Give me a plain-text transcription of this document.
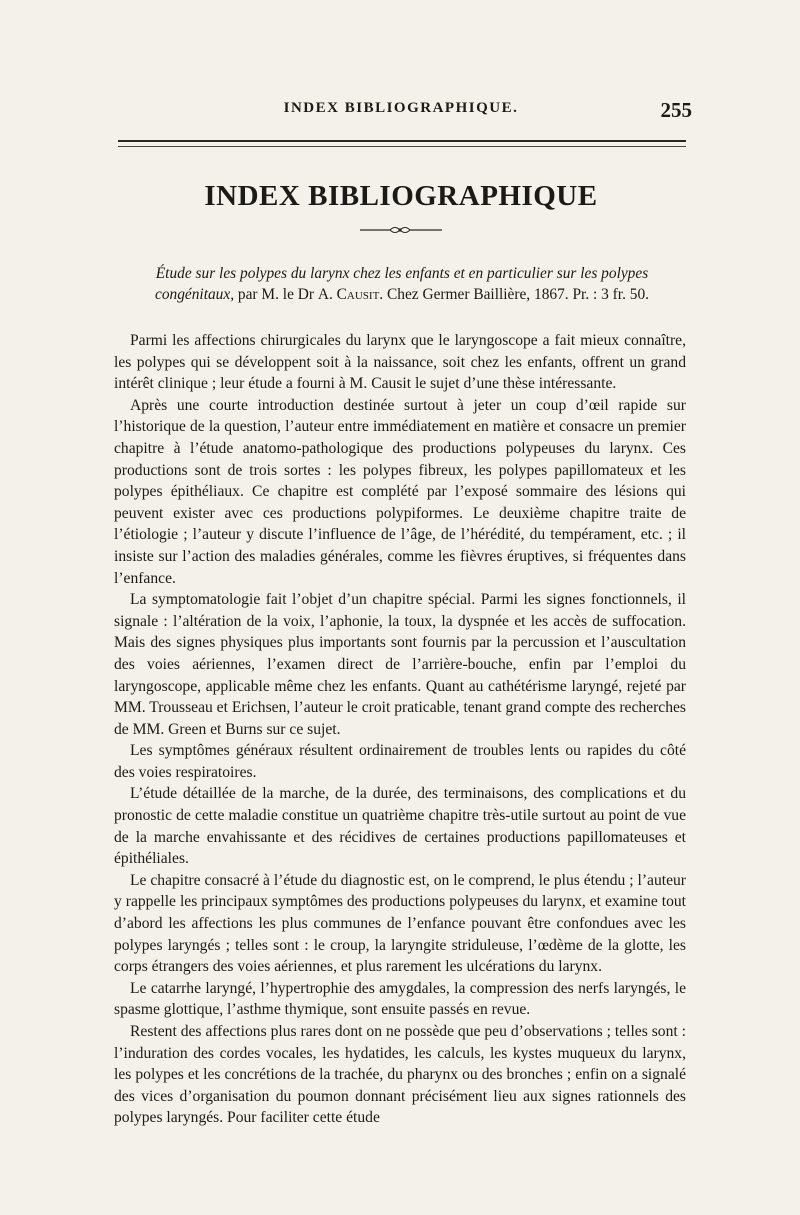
INDEX BIBLIOGRAPHIQUE.	255
INDEX BIBLIOGRAPHIQUE
Étude sur les polypes du larynx chez les enfants et en particulier sur les polypes congénitaux, par M. le Dr A. Causit. Chez Germer Baillière, 1867. Pr. : 3 fr. 50.

Parmi les affections chirurgicales du larynx que le laryngoscope a fait mieux connaître, les polypes qui se développent soit à la naissance, soit chez les enfants, offrent un grand intérêt clinique ; leur étude a fourni à M. Causit le sujet d’une thèse intéressante.

Après une courte introduction destinée surtout à jeter un coup d’œil rapide sur l’historique de la question, l’auteur entre immédiatement en matière et consacre un premier chapitre à l’étude anatomo-pathologique des productions polypeuses du larynx. Ces productions sont de trois sortes : les polypes fibreux, les polypes papillomateux et les polypes épithéliaux. Ce chapitre est complété par l’exposé sommaire des lésions qui peuvent exister avec ces productions polypiformes. Le deuxième chapitre traite de l’étiologie ; l’auteur y discute l’influence de l’âge, de l’hérédité, du tempérament, etc. ; il insiste sur l’action des maladies générales, comme les fièvres éruptives, si fréquentes dans l’enfance.

La symptomatologie fait l’objet d’un chapitre spécial. Parmi les signes fonctionnels, il signale : l’altération de la voix, l’aphonie, la toux, la dyspnée et les accès de suffocation. Mais des signes physiques plus importants sont fournis par la percussion et l’auscultation des voies aériennes, l’examen direct de l’arrière-bouche, enfin par l’emploi du laryngoscope, applicable même chez les enfants. Quant au cathétérisme laryngé, rejeté par MM. Trousseau et Erichsen, l’auteur le croit praticable, tenant grand compte des recherches de MM. Green et Burns sur ce sujet.

Les symptômes généraux résultent ordinairement de troubles lents ou rapides du côté des voies respiratoires.

L’étude détaillée de la marche, de la durée, des terminaisons, des complications et du pronostic de cette maladie constitue un quatrième chapitre très-utile surtout au point de vue de la marche envahissante et des récidives de certaines productions papillomateuses et épithéliales.

Le chapitre consacré à l’étude du diagnostic est, on le comprend, le plus étendu ; l’auteur y rappelle les principaux symptômes des productions polypeuses du larynx, et examine tout d’abord les affections les plus communes de l’enfance pouvant être confondues avec les polypes laryngés ; telles sont : le croup, la laryngite striduleuse, l’œdème de la glotte, les corps étrangers des voies aériennes, et plus rarement les ulcérations du larynx.

Le catarrhe laryngé, l’hypertrophie des amygdales, la compression des nerfs laryngés, le spasme glottique, l’asthme thymique, sont ensuite passés en revue.

Restent des affections plus rares dont on ne possède que peu d’observations ; telles sont : l’induration des cordes vocales, les hydatides, les calculs, les kystes muqueux du larynx, les polypes et les concrétions de la trachée, du pharynx ou des bronches ; enfin on a signalé des vices d’organisation du poumon donnant précisément lieu aux signes rationnels des polypes laryngés. Pour faciliter cette étude
